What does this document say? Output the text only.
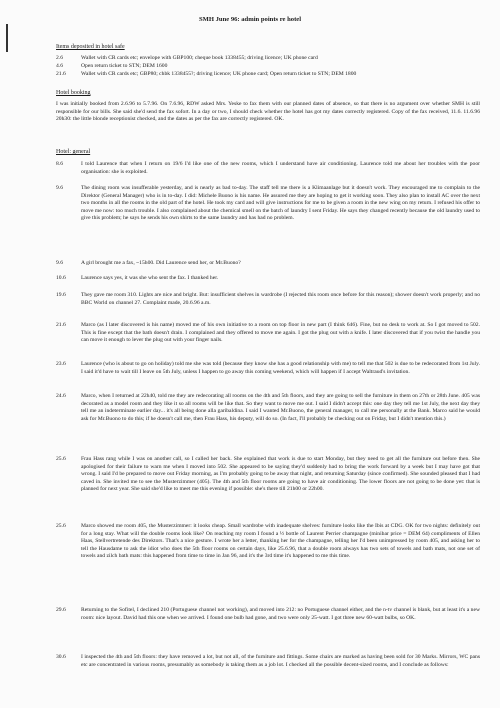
SMH June 96: admin points re hotel
Items deposited in hotel safe
2.6	Wallet with CR cards etc; envelope with GBP100; cheque book 1338455; driving licence; UK phone card
4.6	Open return ticket to STN; DEM 1600
21.6	Wallet with CR cards etc; GBP80; chbk 1338455?; driving licence; UK phone card; Open return ticket to STN; DEM 1800
Hotel booking
I was initially booked from 2.6.96 to 5.7.96. On 7.6.96, RDW asked Mrs. Yeske to fax them with our planned dates of absence, so that there is no argument over whether SMH is still responsible for our bills. She said she'd send the fax sofort. In a day or two, I should check whether the hotel has got my dates correctly registered. Copy of the fax received, 11.6. 11.6.96 20h30: the little blonde receptionist checked, and the dates as per the fax are correctly registered. OK.
Hotel: general
8.6	I told Laurence that when I return on 19/6 I'd like one of the new rooms, which I understand have air conditioning. Laurence told me about her troubles with the poor organisation: she is exploited.
9.6	The dining room was insufferable yesterday, and is nearly as bad to-day. The staff tell me there is a Klimaanlage but it doesn't work. They encouraged me to complain to the Direktor (General Manager) who is in to-day. I did: Michele Buono is his name. He assured me they are hoping to get it working soon. They also plan to install AC over the next two months in all the rooms in the old part of the hotel. He took my card and will give instructions for me to be given a room in the new wing on my return. I refused his offer to move me now: too much trouble. I also complained about the chemical smell on the batch of laundry I sent Friday. He says they changed recently because the old laundry used to give this problem; he says he sends his own shirts to the same laundry and has had no problem.
9.6	A girl brought me a fax, ~15h00. Did Laurence send her, or Mr.Buono?
10.6	Laurence says yes, it was she who sent the fax. I thanked her.
19.6	They gave me room 310. Lights are nice and bright. But: insufficient shelves in wardrobe (I rejected this room once before for this reason); shower doesn't work properly; and no BBC World on channel 27. Complaint made, 20.6.96 a.m.
21.6	Marco (as I later discovered is his name) moved me of his own initiative to a room on top floor in new part (I think 646). Fine, but no desk to work at. So I got moved to 502. This is fine except that the bath doesn't drain. I complained and they offered to move me again. I got the plug out with a knife. I later discovered that if you twist the handle you can move it enough to lever the plug out with your finger nails.
23.6	Laurence (who is about to go on holiday) told me she was told (because they know she has a good relationship with me) to tell me that 502 is due to be redecorated from 1st July. I said it'd have to wait till I leave on 5th July, unless I happen to go away this coming weekend, which will happen if I accept Waltraud's invitation.
24.6	Marco, when I returned at 22h40, told me they are redecorating all rooms on the 4th and 5th floors, and they are going to sell the furniture in them on 27th or 28th June. 405 was decorated as a model room and they like it so all rooms will be like that. So they want to move me out. I said I didn't accept this: one day they tell me 1st July, the next day they tell me an indeterminate earlier day... it's all being done alla garibaldina. I said I wanted Mr.Buono, the general manager, to call me personally at the Bank. Marco said he would ask for Mr.Buono to do this; if he doesn't call me, then Frau Hass, his deputy, will do so. (In fact, I'll probably be checking out on Friday, but I didn't mention this.)
25.6	Frau Hass rang while I was on another call, so I called her back. She explained that work is due to start Monday, but they need to get all the furniture out before then. She apologised for their failure to warn me when I moved into 502. She appeared to be saying they'd suddenly had to bring the work forward by a week but I may have got that wrong. I said I'd be prepared to move out Friday morning, as I'm probably going to be away that night, and returning Saturday (since confirmed). She sounded pleased that I had caved in. She invited me to see the Musterzimmer (405). The 4th and 5th floor rooms are going to have air conditioning. The lower floors are not going to be done yet: that is planned for next year. She said she'd like to meet me this evening if possible: she's there till 21h00 or 22h00.
25.6	Marco showed me room 405, the Musterzimmer: it looks cheap. Small wardrobe with inadequate shelves: furniture looks like the Ibis at CDG. OK for two nights: definitely out for a long stay. What will the double rooms look like? On reaching my room I found a ½ bottle of Laurent Perrier champagne (minibar price = DEM 64) compliments of Ellen Haas, Stellvertretende des Direktors. That's a nice gesture. I wrote her a letter, thanking her for the champagne, telling her I'd been unimpressed by room 405, and asking her to tell the Hausdame to ask the idiot who does the 5th floor rooms on certain days, like 25.6.96, that a double room always has two sets of towels and bath mats, not one set of towels and zilch bath mats: this happened from time to time in Jan 96, and it's the 3rd time it's happened to me this time.
29.6	Returning to the Sofitel, I declined 210 (Portuguese channel not working), and moved into 212: no Portuguese channel either, and the n-tv channel is blank, but at least it's a new room: nice layout. David had this one when we arrived. I found one bulb had gone, and two were only 25-watt. I got three new 60-watt bulbs, so OK.
30.6	I inspected the 4th and 5th floors: they have removed a lot, but not all, of the furniture and fittings. Some chairs are marked as having been sold for 30 Marks. Mirrors, WC pans etc are concentrated in various rooms, presumably as somebody is taking them as a job lot. I checked all the possible decent-sized rooms, and I conclude as follows:
